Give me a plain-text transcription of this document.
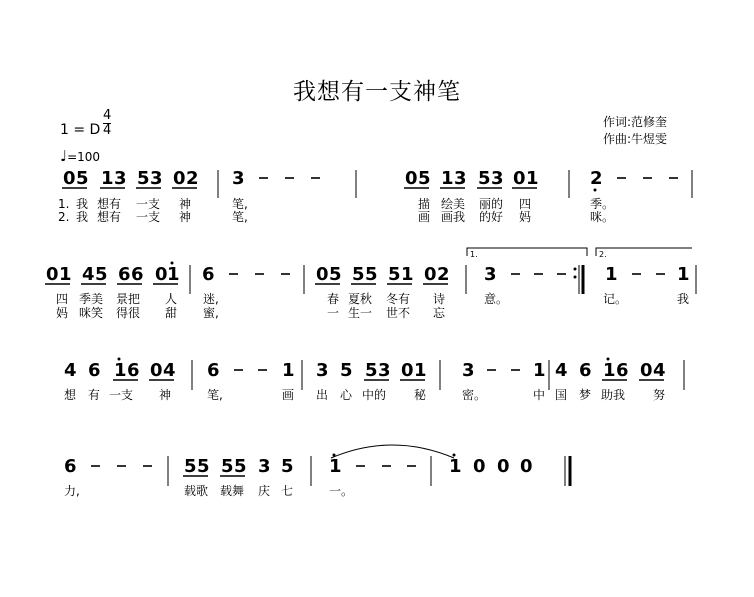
我想有一支神笔
1 = D
4
4
♩=100
作词:范修奎
作曲:牛煜雯
1.	2.
0 5 1 3 5 3 0 2 3	0 5 1 3 5 3 0 1	2
1. 我 想有 一支 神	笔,	描 绘美 丽的 四	季。
2. 我 想有 一支 神	笔,	画 画我 的好 妈	咪。
0 1 4 5 6 6 0 1 6	0 5 5 5 5 1 0 2 3	1	1
四 季美 景把 人 迷,	春 夏秋 冬有 诗	意。	记。	我
妈 咪笑 得很 甜 蜜,	一 生一 世不 忘
4 6 1 6 0 4 6	1 3 5 5 3 0 1 3	1 4 6 1 6 0 4
想 有 一支 神	笔,	画 出 心 中的 秘	密。	中 国 梦 助我 努
6	5 5 5 5 3 5 1	1 0 0 0
力,	载歌 载舞 庆 七	一。
